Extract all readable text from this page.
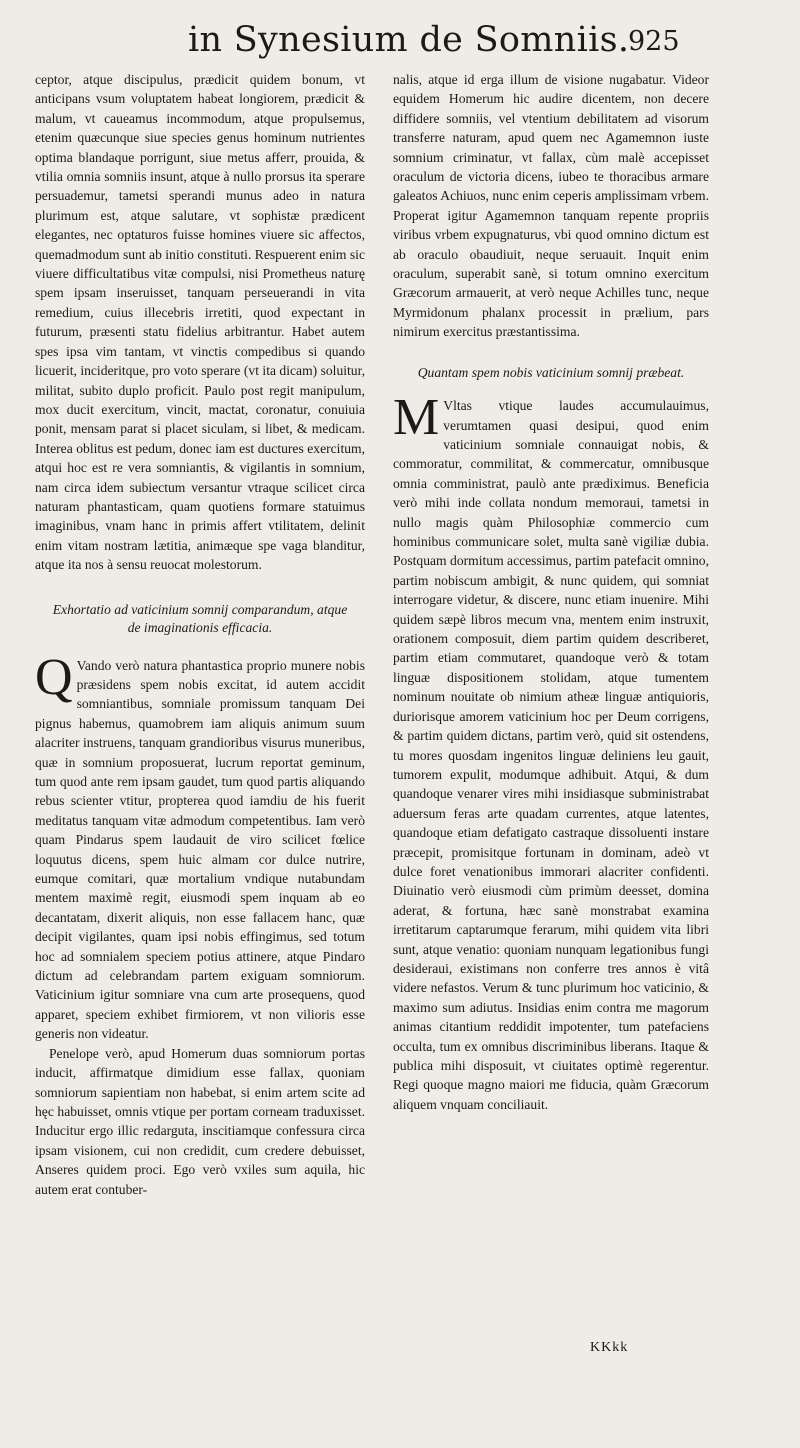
in Synesium de Somniis.
925

ceptor, atque discipulus, prædicit quidem bonum, vt anticipans vsum voluptatem habeat longiorem, prædicit & malum, vt caueamus incommodum, atque propulsemus, etenim quæcunque siue species genus hominum nutrientes optima blandaque porrigunt, siue metus afferr, prouida, & vtilia omnia somniis insunt, atque à nullo prorsus ita sperare persuademur, tametsi sperandi munus adeo in natura plurimum est, atque salutare, vt sophistæ prædicent elegantes, nec optaturos fuisse homines viuere sic affectos, quemadmodum sunt ab initio constituti. Respuerent enim sic viuere difficultatibus vitæ compulsi, nisi Prometheus naturę spem ipsam inseruisset, tanquam perseuerandi in vita remedium, cuius illecebris irretiti, quod expectant in futurum, præsenti statu fidelius arbitrantur. Habet autem spes ipsa vim tantam, vt vinctis compedibus si quando licuerit, incideritque, pro voto sperare (vt ita dicam) soluitur, militat, subito duplo proficit. Paulo post regit manipulum, mox ducit exercitum, vincit, mactat, coronatur, conuiuia ponit, mensam parat si placet siculam, si libet, & medicam. Interea oblitus est pedum, donec iam est ductures exercitum, atqui hoc est re vera somniantis, & vigilantis in somnium, nam circa idem subiectum versantur vtraque scilicet circa naturam phantasticam, quam quotiens formare statuimus imaginibus, vnam hanc in primis affert vtilitatem, delinit enim vitam nostram lætitia, animæque spe vaga blanditur, atque ita nos à sensu reuocat molestorum.

Exhortatio ad vaticinium somnij comparandum, atque de imaginationis efficacia.

Q Vando verò natura phantastica proprio munere nobis præsidens spem nobis excitat, id autem accidit somniantibus, somniale promissum tanquam Dei pignus habemus, quamobrem iam aliquis animum suum alacriter instruens, tanquam grandioribus visurus muneribus, quæ in somnium proposuerat, lucrum reportat geminum, tum quod ante rem ipsam gaudet, tum quod partis aliquando rebus scienter vtitur, propterea quod iamdiu de his fuerit meditatus tanquam vitæ admodum competentibus. Iam verò quam Pindarus spem laudauit de viro scilicet fœlice loquutus dicens, spem huic almam cor dulce nutrire, eumque comitari, quæ mortalium vndique nutabundam mentem maximè regit, eiusmodi spem inquam ab eo decantatam, dixerit aliquis, non esse fallacem hanc, quæ decipit vigilantes, quam ipsi nobis effingimus, sed totum hoc ad somnialem speciem potius attinere, atque Pindaro dictum ad celebrandam partem exiguam somniorum. Vaticinium igitur somniare vna cum arte prosequens, quod apparet, speciem exhibet firmiorem, vt non vilioris esse generis non videatur.

Penelope verò, apud Homerum duas somniorum portas inducit, affirmatque dimidium esse fallax, quoniam somniorum sapientiam non habebat, si enim artem scite ad hęc habuisset, omnis vtique per portam corneam traduxisset. Inducitur ergo illic redarguta, inscitiamque confessura circa ipsam visionem, cui non credidit, cum credere debuisset, Anseres quidem proci. Ego verò vxiles sum aquila, hic autem erat contuber-

nalis, atque id erga illum de visione nugabatur. Videor equidem Homerum hic audire dicentem, non decere diffidere somniis, vel vtentium debilitatem ad visorum transferre naturam, apud quem nec Agamemnon iuste somnium criminatur, vt fallax, cùm malè accepisset oraculum de victoria dicens, iubeo te thoracibus armare galeatos Achiuos, nunc enim ceperis amplissimam vrbem. Properat igitur Agamemnon tanquam repente propriis viribus vrbem expugnaturus, vbi quod omnino dictum est ab oraculo obaudiuit, neque seruauit. Inquit enim oraculum, superabit sanè, si totum omnino exercitum Græcorum armauerit, at verò neque Achilles tunc, neque Myrmidonum phalanx processit in prælium, pars nimirum exercitus præstantissima.

Quantam spem nobis vaticinium somnij præbeat.

M Vltas vtique laudes accumulauimus, verumtamen quasi desipui, quod enim vaticinium somniale connauigat nobis, & commoratur, commilitat, & commercatur, omnibusque omnia comministrat, paulò ante prædiximus. Beneficia verò mihi inde collata nondum memoraui, tametsi in nullo magis quàm Philosophiæ commercio cum hominibus communicare solet, multa sanè vigiliæ dubia. Postquam dormitum accessimus, partim patefacit omnino, partim nobiscum ambigit, & nunc quidem, qui somniat interrogare videtur, & discere, nunc etiam inuenire. Mihi quidem sæpè libros mecum vna, mentem enim instruxit, orationem composuit, diem partim quidem describeret, partim etiam commutaret, quandoque verò & totam linguæ dispositionem stolidam, atque tumentem nominum nouitate ob nimium atheæ linguæ antiquioris, duriorisque amorem vaticinium hoc per Deum corrigens, & partim quidem dictans, partim verò, quid sit ostendens, tu mores quosdam ingenitos linguæ deliniens leu gauit, tumorem expulit, modumque adhibuit. Atqui, & dum quandoque venarer vires mihi insidiasque subministrabat aduersum feras arte quadam currentes, atque latentes, quandoque etiam defatigato castraque dissoluenti instare præcepit, promisitque fortunam in dominam, adeò vt dulce foret venationibus immorari alacriter confidenti. Diuinatio verò eiusmodi cùm primùm deesset, domina aderat, & fortuna, hæc sanè monstrabat examina irretitarum captarumque ferarum, mihi quidem vita libri sunt, atque venatio: quoniam nunquam legationibus fungi desideraui, existimans non conferre tres annos è vitâ videre nefastos. Verum & tunc plurimum hoc vaticinio, & maximo sum adiutus. Insidias enim contra me magorum animas citantium reddidit impotenter, tum patefaciens occulta, tum ex omnibus discriminibus liberans. Itaque & publica mihi disposuit, vt ciuitates optimè regerentur. Regi quoque magno maiori me fiducia, quàm Græcorum aliquem vnquam conciliauit.

KKkk
